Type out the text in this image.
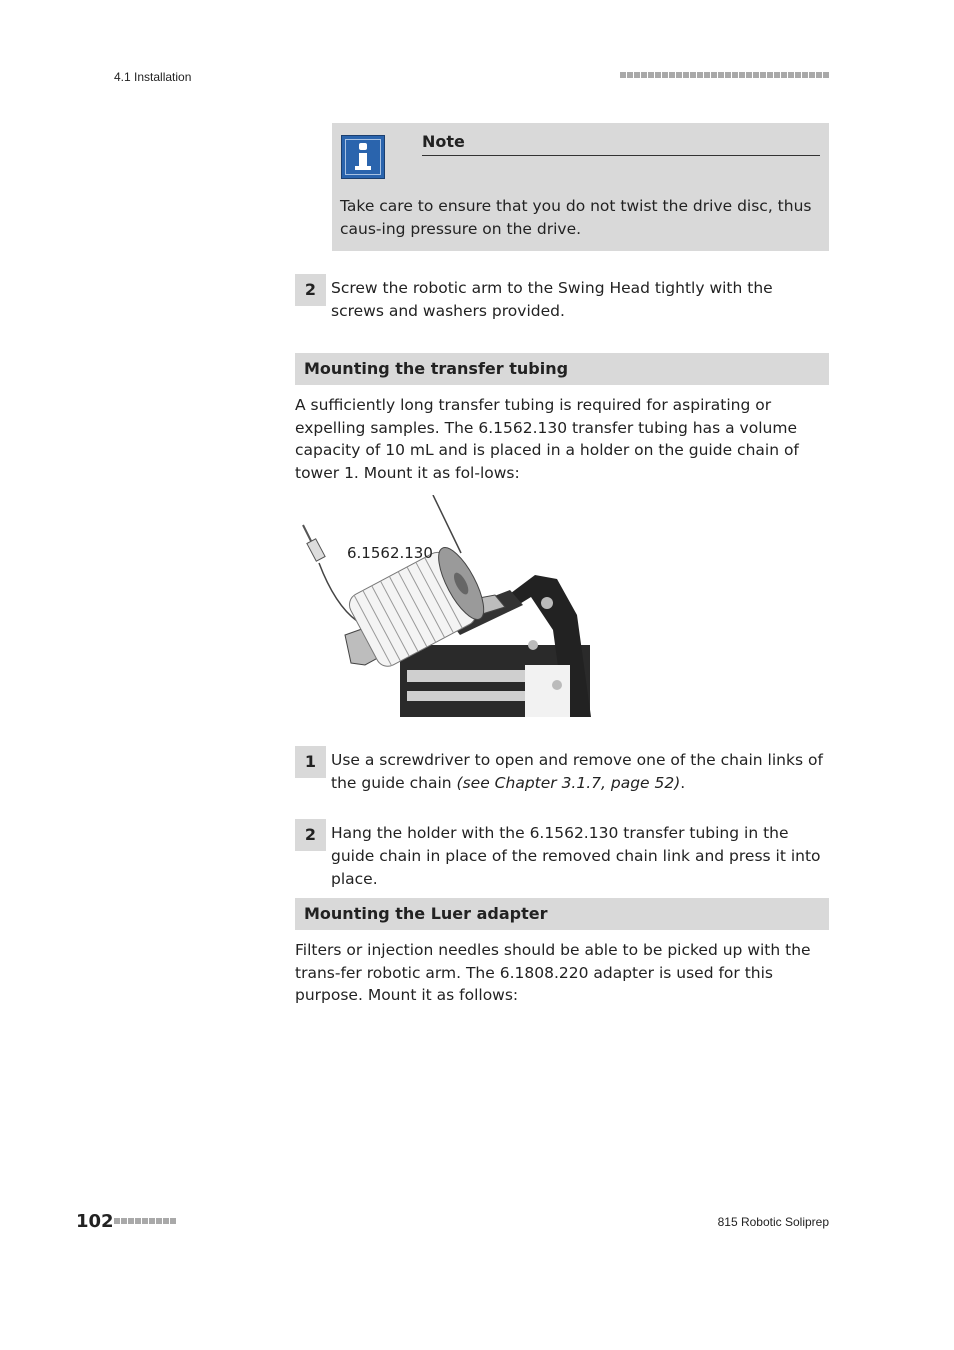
4.1 Installation
Note
Take care to ensure that you do not twist the drive disc, thus caus-ing pressure on the drive.
2 Screw the robotic arm to the Swing Head tightly with the screws and washers provided.
Mounting the transfer tubing
A sufficiently long transfer tubing is required for aspirating or expelling samples. The 6.1562.130 transfer tubing has a volume capacity of 10 mL and is placed in a holder on the guide chain of tower 1. Mount it as fol-lows:
6.1562.130
1 Use a screwdriver to open and remove one of the chain links of the guide chain (see Chapter 3.1.7, page 52).
2 Hang the holder with the 6.1562.130 transfer tubing in the guide chain in place of the removed chain link and press it into place.
Mounting the Luer adapter
Filters or injection needles should be able to be picked up with the trans-fer robotic arm. The 6.1808.220 adapter is used for this purpose. Mount it as follows:
102	815 Robotic Soliprep
